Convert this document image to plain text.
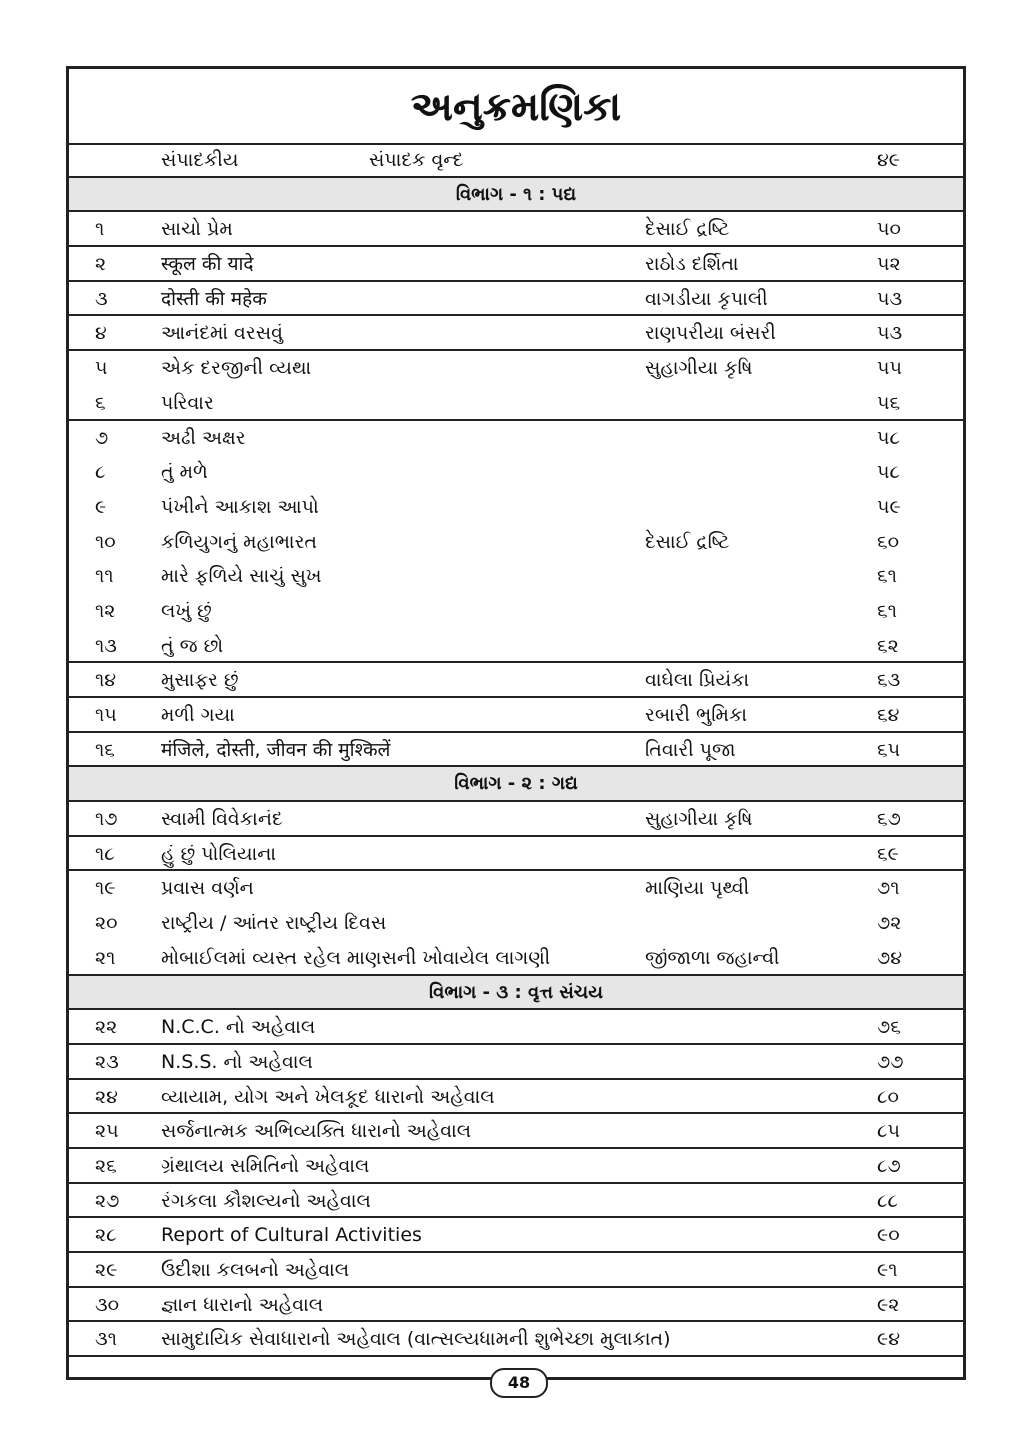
અનુક્રમણિકા
સંપાદકીય	સંપાદક વૃન્દ	૪૯
વિભાગ - ૧ : પદ્ય
૧	સાચો પ્રેમ	દેસાઈ દ્રષ્ટિ	૫૦
૨	स्कूल की यादे	રાઠોડ દર્શિતા	૫૨
૩	दोस्ती की महेक	વાગડીયા કૃપાલી	૫૩
૪	આનંદમાં વરસવું	રાણપરીયા બંસરી	૫૩
૫	એક દરજીની વ્યથા	સુહાગીયા કૃષિ	૫૫
૬	પરિવાર	૫૬
૭	અઢી અક્ષર	૫૮
૮	તું મળે	૫૮
૯	પંખીને આકાશ આપો	૫૯
૧૦ કળિયુગનું મહાભારત	દેસાઈ દ્રષ્ટિ	૬૦
૧૧ મારે ફળિયે સાચું સુખ	૬૧
૧૨ લખું છું	૬૧
૧૩ તું જ છો	૬૨
૧૪ મુસાફર છું	વાઘેલા પ્રિયંકા	૬૩
૧૫ મળી ગયા	રબારી ભુમિકા	૬૪
૧૬ मंजिले, दोस्ती, जीवन की मुश्किलें	તિવારી પૂજા	૬૫
વિભાગ - ૨ : ગદ્ય
૧૭ સ્વામી વિવેકાનંદ	સુહાગીયા કૃષિ	૬૭
૧૮ હું છું પોલિયાના	૬૯
૧૯ પ્રવાસ વર્ણન	માણિયા પૃથ્વી	૭૧
૨૦ રાષ્ટ્રીય / આંતર રાષ્ટ્રીય દિવસ	૭૨
૨૧ મોબાઈલમાં વ્યસ્ત રહેલ માણસની ખોવાયેલ લાગણી	જીંજાળા જહાન્વી	૭૪
વિભાગ - ૩ : વૃત્ત સંચય
૨૨ N.C.C. નો અહેવાલ	૭૬
૨૩ N.S.S. નો અહેવાલ	૭૭
૨૪ વ્યાયામ, યોગ અને ખેલકૂદ ધારાનો અહેવાલ	૮૦
૨૫ સર્જનાત્મક અભિવ્યક્તિ ધારાનો અહેવાલ	૮૫
૨૬ ગ્રંથાલય સમિતિનો અહેવાલ	૮૭
૨૭ રંગકલા કૌશલ્યનો અહેવાલ	૮૮
૨૮ Report of Cultural Activities	૯૦
૨૯ ઉદીશા કલબનો અહેવાલ	૯૧
૩૦ જ્ઞાન ધારાનો અહેવાલ	૯૨
૩૧ સામુદાયિક સેવાધારાનો અહેવાલ (વાત્સલ્યધામની શુભેચ્છા મુલાકાત)	૯૪
48
